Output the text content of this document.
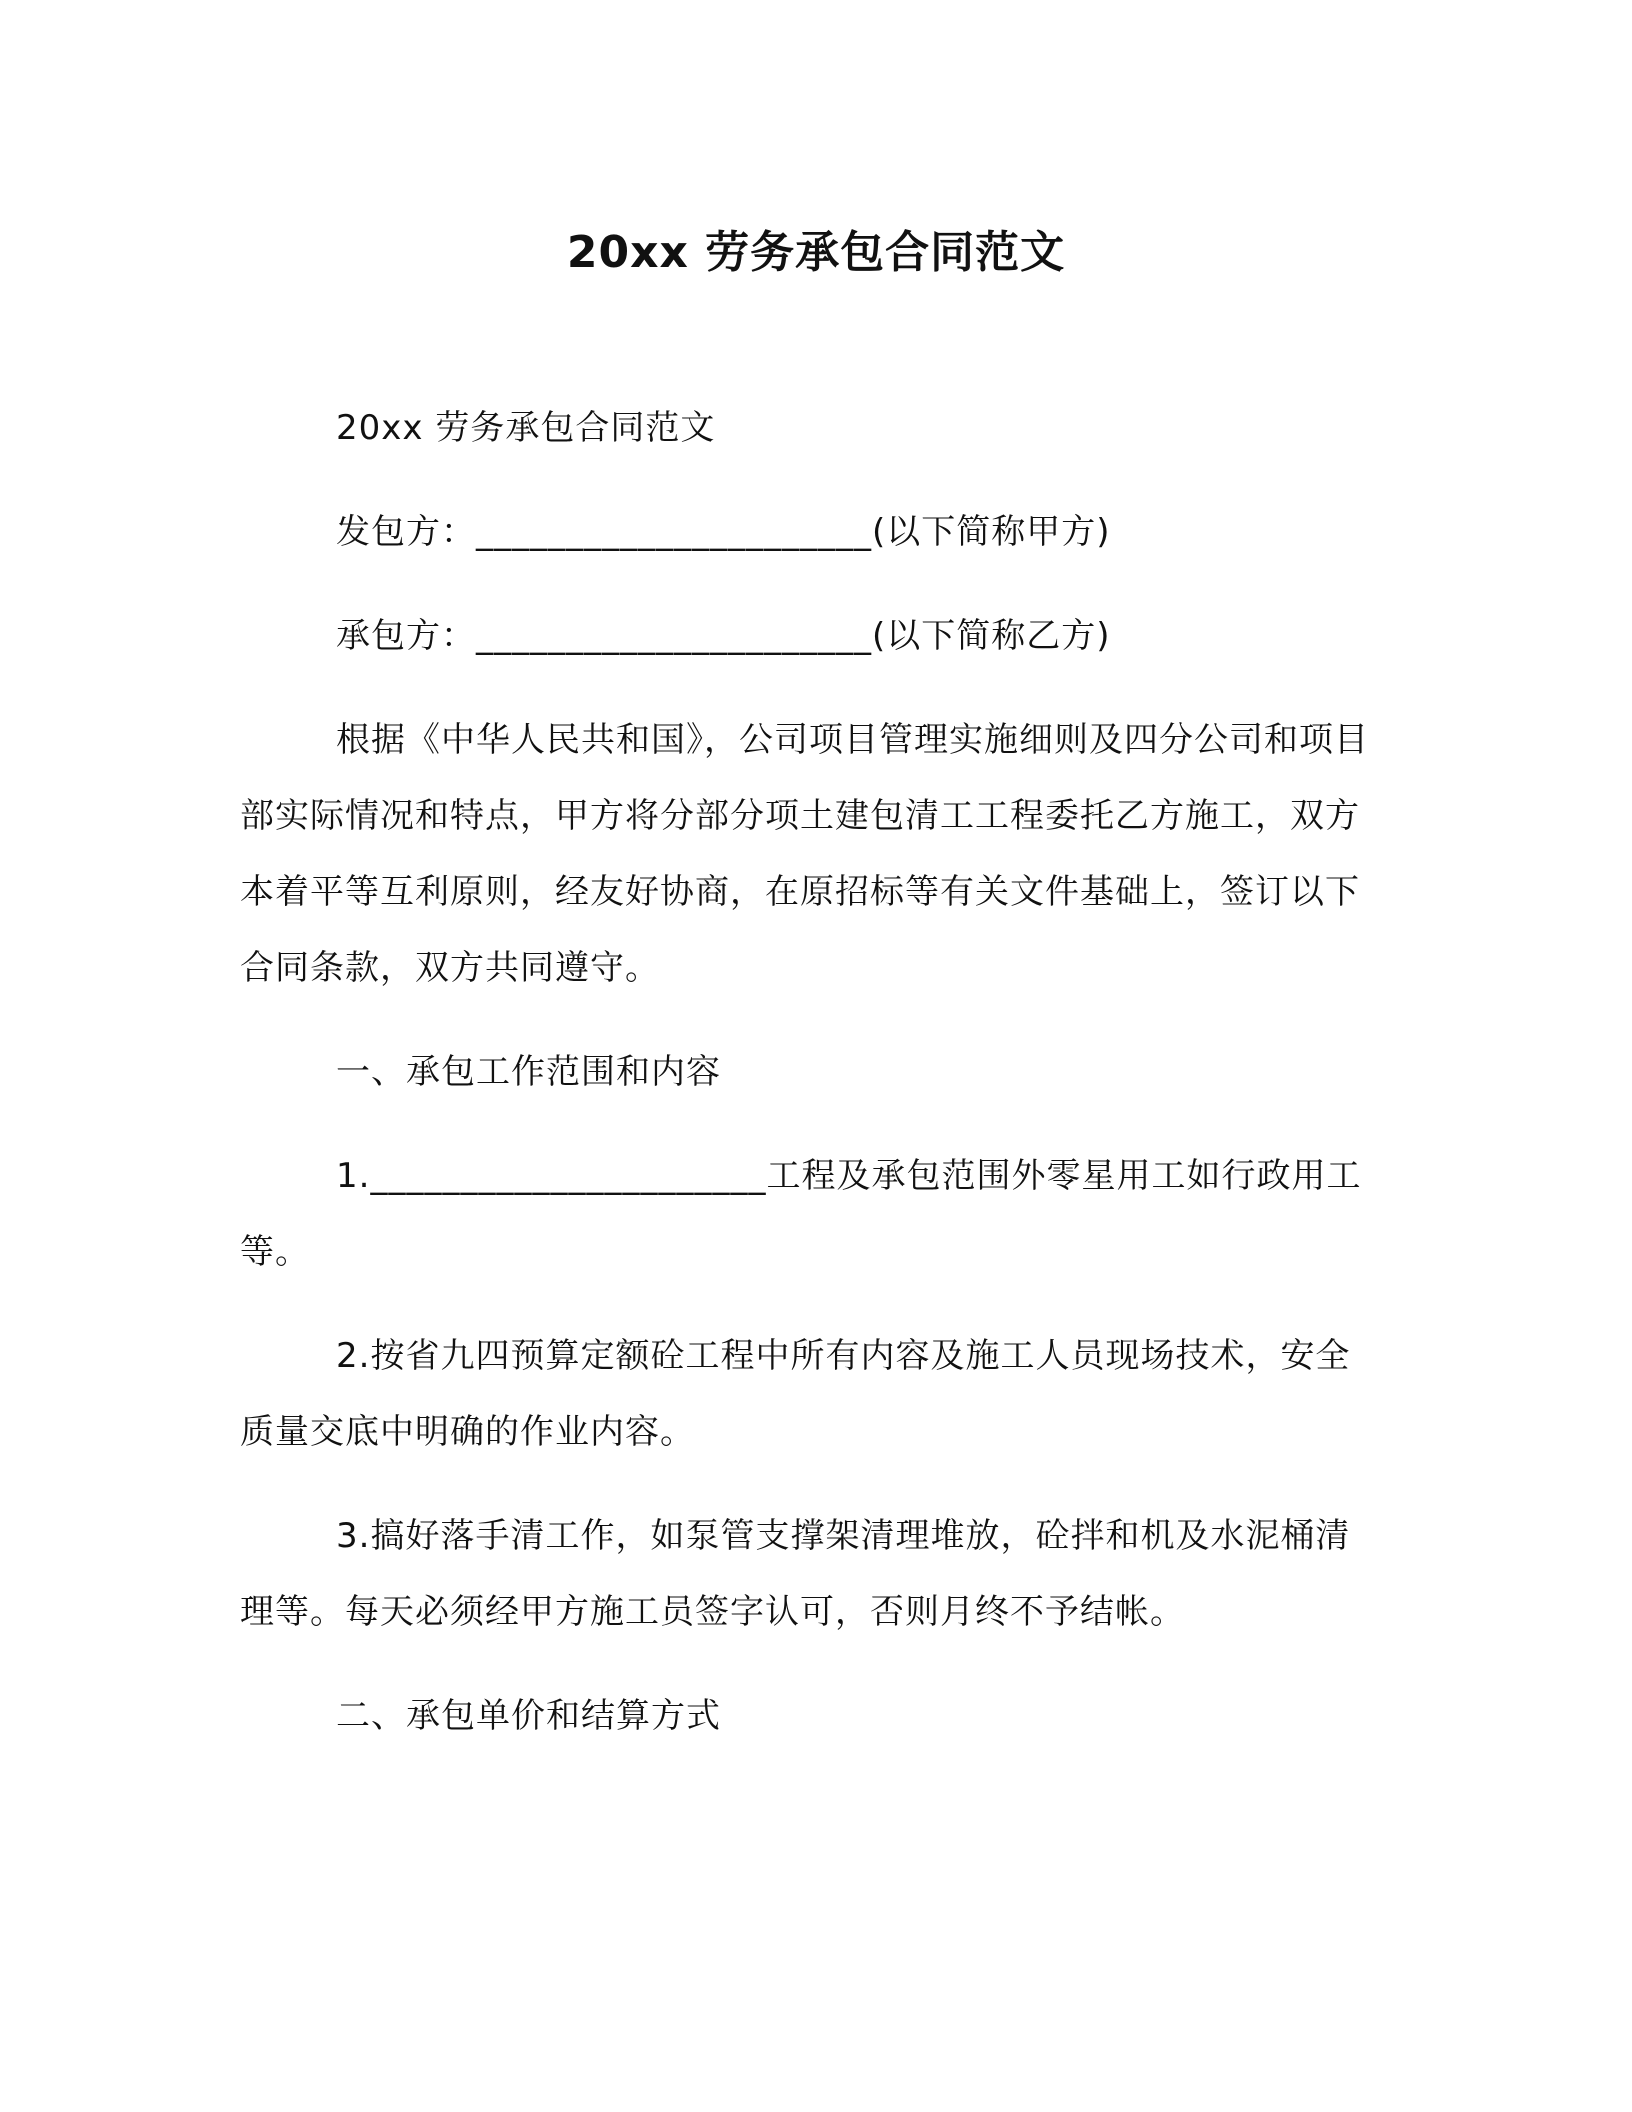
20xx 劳务承包合同范文

20xx 劳务承包合同范文

发包方：______________________(以下简称甲方)

承包方：______________________(以下简称乙方)

根据《中华人民共和国》，公司项目管理实施细则及四分公司和项目部实际情况和特点，甲方将分部分项土建包清工工程委托乙方施工，双方本着平等互利原则，经友好协商，在原招标等有关文件基础上，签订以下合同条款，双方共同遵守。

一、承包工作范围和内容

1.______________________工程及承包范围外零星用工如行政用工等。

2.按省九四预算定额砼工程中所有内容及施工人员现场技术，安全质量交底中明确的作业内容。

3.搞好落手清工作，如泵管支撑架清理堆放，砼拌和机及水泥桶清理等。每天必须经甲方施工员签字认可，否则月终不予结帐。

二、承包单价和结算方式
